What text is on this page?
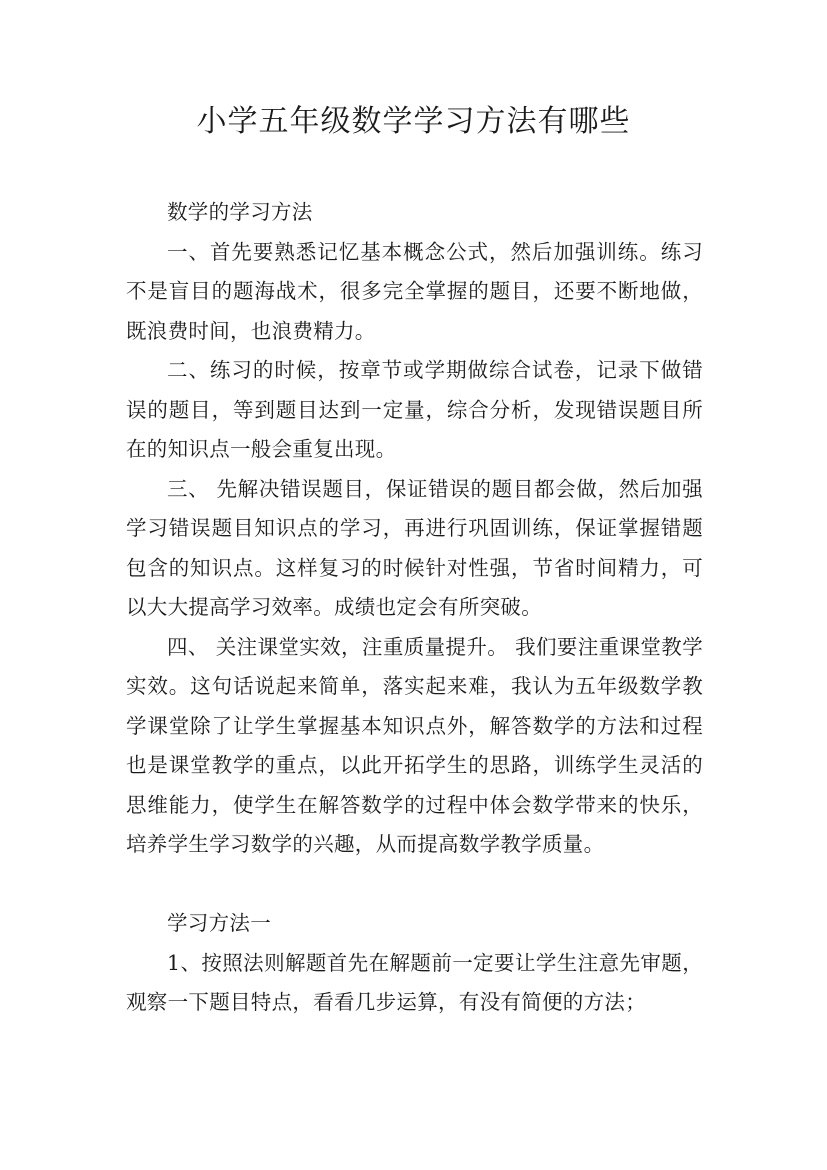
小学五年级数学学习方法有哪些

数学的学习方法

一、首先要熟悉记忆基本概念公式，然后加强训练。练习不是盲目的题海战术，很多完全掌握的题目，还要不断地做，既浪费时间，也浪费精力。

二、练习的时候，按章节或学期做综合试卷，记录下做错误的题目，等到题目达到一定量，综合分析，发现错误题目所在的知识点一般会重复出现。

三、 先解决错误题目，保证错误的题目都会做，然后加强学习错误题目知识点的学习，再进行巩固训练，保证掌握错题包含的知识点。这样复习的时候针对性强，节省时间精力，可以大大提高学习效率。成绩也定会有所突破。

四、 关注课堂实效，注重质量提升。 我们要注重课堂教学实效。这句话说起来简单，落实起来难，我认为五年级数学教学课堂除了让学生掌握基本知识点外，解答数学的方法和过程也是课堂教学的重点，以此开拓学生的思路，训练学生灵活的思维能力，使学生在解答数学的过程中体会数学带来的快乐，培养学生学习数学的兴趣，从而提高数学教学质量。

学习方法一

1、按照法则解题首先在解题前一定要让学生注意先审题，观察一下题目特点，看看几步运算，有没有简便的方法；
